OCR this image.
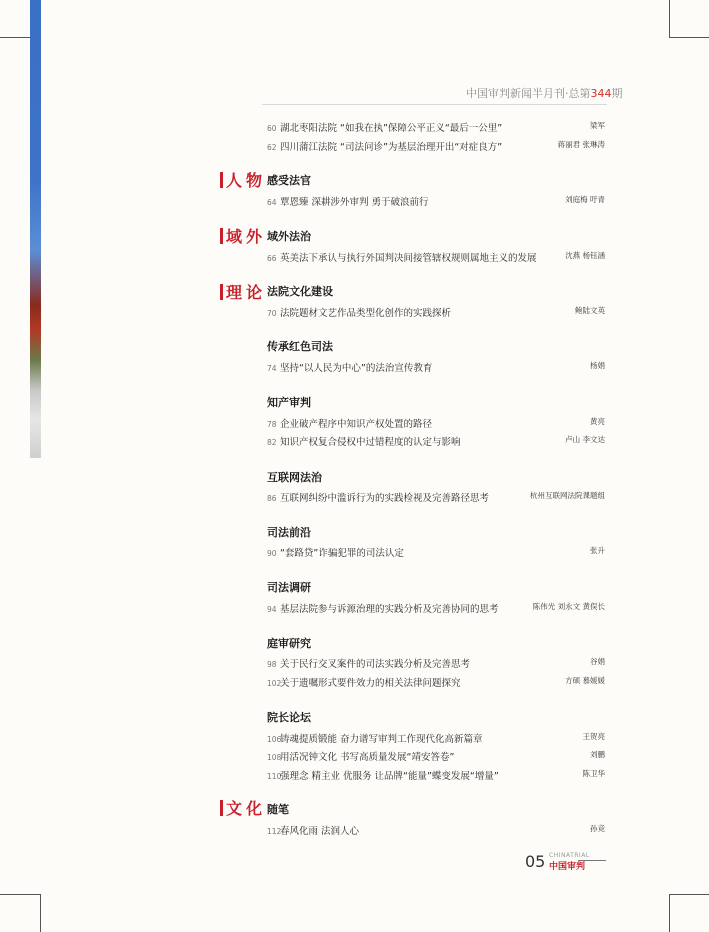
中国审判新闻半月刊·总第344期
人物
域外
理论
文化
感受法官
域外法治
法院文化建设
传承红色司法
知产审判
互联网法治
司法前沿
司法调研
庭审研究
院长论坛
随笔
60 湖北枣阳法院 “如我在执”保障公平正义“最后一公里”	梁军
62 四川蒲江法院 “司法问诊”为基层治理开出“对症良方”	蒋丽君 张琳涛
64 覃恩臻 深耕涉外审判 勇于破浪前行	刘庭梅 吁青
66 英美法下承认与执行外国判决间接管辖权规则属地主义的发展	沈燕 杨钰涵
70 法院题材文艺作品类型化创作的实践探析	鲍陆文英
74 坚持“以人民为中心”的法治宣传教育	杨娟
78 企业破产程序中知识产权处置的路径	黄亮
82 知识产权复合侵权中过错程度的认定与影响	卢山 李文达
86 互联网纠纷中滥诉行为的实践检视及完善路径思考	杭州互联网法院课题组
90 “套路贷”诈骗犯罪的司法认定	张升
94 基层法院参与诉源治理的实践分析及完善协同的思考	陈伟光 刘永文 黄俣长
98 关于民行交叉案件的司法实践分析及完善思考	谷娟
102关于遗嘱形式要件效力的相关法律问题探究	方硕 慕媛媛
106铸魂提质锻能 奋力谱写审判工作现代化高新篇章	王贺亮
108用活况钟文化 书写高质量发展“靖安答卷”	刘鹏
110强理念 精主业 优服务 让品牌“能量”蝶变发展“增量”	陈卫华
112春风化雨 法润人心	孙竞
05 CHINATRIAL
中国审判
